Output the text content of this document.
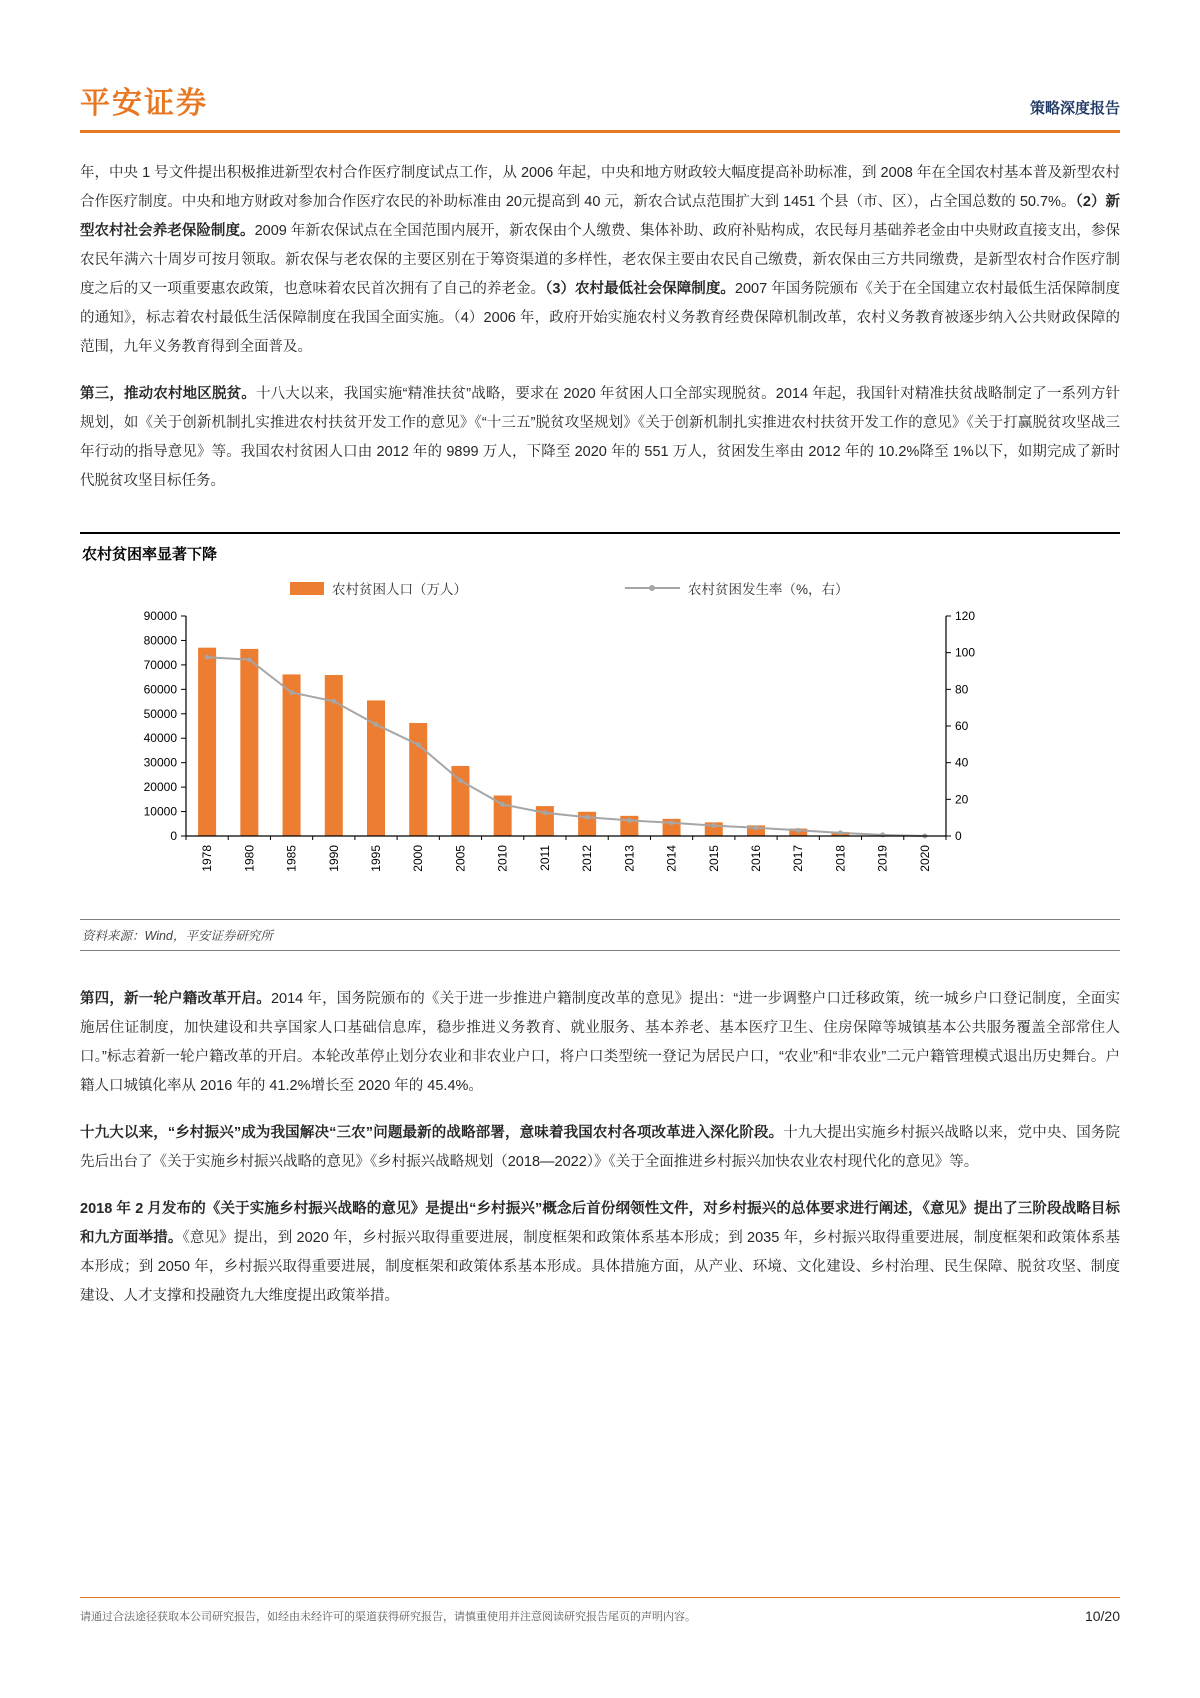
平安证券	策略深度报告

年，中央 1 号文件提出积极推进新型农村合作医疗制度试点工作，从 2006 年起，中央和地方财政较大幅度提高补助标准，到 2008 年在全国农村基本普及新型农村合作医疗制度。中央和地方财政对参加合作医疗农民的补助标准由 20元提高到 40 元，新农合试点范围扩大到 1451 个县（市、区），占全国总数的 50.7%。（2）新型农村社会养老保险制度。2009 年新农保试点在全国范围内展开，新农保由个人缴费、集体补助、政府补贴构成，农民每月基础养老金由中央财政直接支出，参保农民年满六十周岁可按月领取。新农保与老农保的主要区别在于筹资渠道的多样性，老农保主要由农民自己缴费，新农保由三方共同缴费，是新型农村合作医疗制度之后的又一项重要惠农政策，也意味着农民首次拥有了自己的养老金。（3）农村最低社会保障制度。2007 年国务院颁布《关于在全国建立农村最低生活保障制度的通知》，标志着农村最低生活保障制度在我国全面实施。（4）2006 年，政府开始实施农村义务教育经费保障机制改革，农村义务教育被逐步纳入公共财政保障的范围，九年义务教育得到全面普及。

第三，推动农村地区脱贫。十八大以来，我国实施“精准扶贫”战略，要求在 2020 年贫困人口全部实现脱贫。2014 年起，我国针对精准扶贫战略制定了一系列方针规划，如《关于创新机制扎实推进农村扶贫开发工作的意见》《“十三五”脱贫攻坚规划》《关于创新机制扎实推进农村扶贫开发工作的意见》《关于打赢脱贫攻坚战三年行动的指导意见》等。我国农村贫困人口由 2012 年的 9899 万人，下降至 2020 年的 551 万人，贫困发生率由 2012 年的 10.2%降至 1%以下，如期完成了新时代脱贫攻坚目标任务。

农村贫困率显著下降
农村贫困人口（万人）	农村贫困发生率（%，右）
0
10000
20000
30000
40000
50000
60000
70000
80000
90000
0
20
40
60
80
100
120
1978 1980 1985 1990 1995 2000 2005 2010 2011 2012 2013 2014 2015 2016 2017 2018 2019 2020
资料来源：Wind，平安证券研究所

第四，新一轮户籍改革开启。2014 年，国务院颁布的《关于进一步推进户籍制度改革的意见》提出：“进一步调整户口迁移政策，统一城乡户口登记制度，全面实施居住证制度，加快建设和共享国家人口基础信息库，稳步推进义务教育、就业服务、基本养老、基本医疗卫生、住房保障等城镇基本公共服务覆盖全部常住人口。”标志着新一轮户籍改革的开启。本轮改革停止划分农业和非农业户口，将户口类型统一登记为居民户口，“农业”和“非农业”二元户籍管理模式退出历史舞台。户籍人口城镇化率从 2016 年的 41.2%增长至 2020 年的 45.4%。

十九大以来，“乡村振兴”成为我国解决“三农”问题最新的战略部署，意味着我国农村各项改革进入深化阶段。十九大提出实施乡村振兴战略以来，党中央、国务院先后出台了《关于实施乡村振兴战略的意见》《乡村振兴战略规划（2018—2022）》《关于全面推进乡村振兴加快农业农村现代化的意见》等。

2018 年 2 月发布的《关于实施乡村振兴战略的意见》是提出“乡村振兴”概念后首份纲领性文件，对乡村振兴的总体要求进行阐述，《意见》提出了三阶段战略目标和九方面举措。《意见》提出，到 2020 年，乡村振兴取得重要进展，制度框架和政策体系基本形成；到 2035 年，乡村振兴取得重要进展，制度框架和政策体系基本形成；到 2050 年，乡村振兴取得重要进展，制度框架和政策体系基本形成。具体措施方面，从产业、环境、文化建设、乡村治理、民生保障、脱贫攻坚、制度建设、人才支撑和投融资九大维度提出政策举措。

请通过合法途径获取本公司研究报告，如经由未经许可的渠道获得研究报告，请慎重使用并注意阅读研究报告尾页的声明内容。	10/20
